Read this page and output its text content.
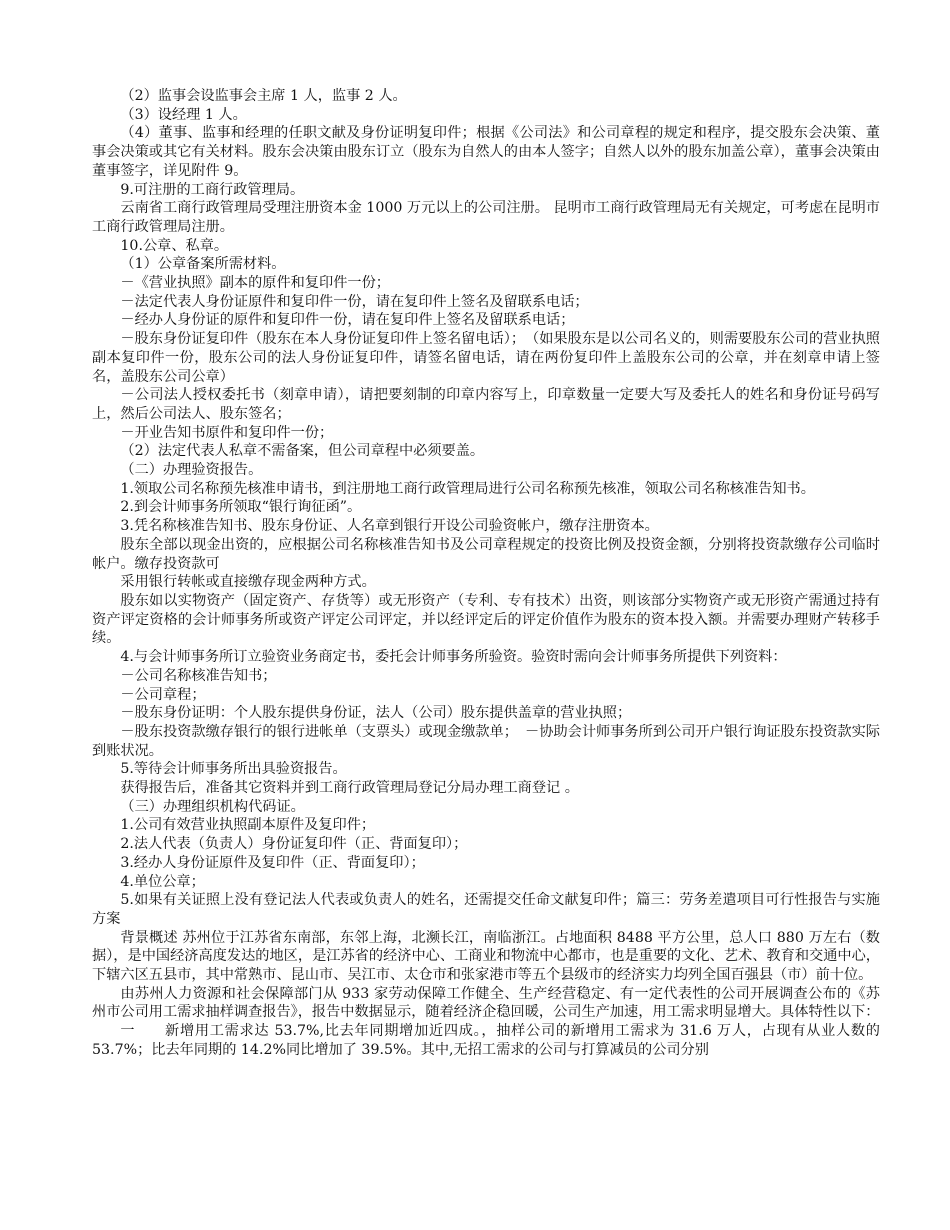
（2）监事会设监事会主席 1 人，监事 2 人。

（3）设经理 1 人。

（4）董事、监事和经理的任职文献及身份证明复印件；根据《公司法》和公司章程的规定和程序，提交股东会决策、董事会决策或其它有关材料。股东会决策由股东订立（股东为自然人的由本人签字；自然人以外的股东加盖公章），董事会决策由董事签字，详见附件 9。

9.可注册的工商行政管理局。

云南省工商行政管理局受理注册资本金 1000 万元以上的公司注册。 昆明市工商行政管理局无有关规定，可考虑在昆明市工商行政管理局注册。

10.公章、私章。

（1）公章备案所需材料。

－《营业执照》副本的原件和复印件一份；

－法定代表人身份证原件和复印件一份，请在复印件上签名及留联系电话；

－经办人身份证的原件和复印件一份，请在复印件上签名及留联系电话；

－股东身份证复印件（股东在本人身份证复印件上签名留电话）；　（如果股东是以公司名义的，则需要股东公司的营业执照副本复印件一份，股东公司的法人身份证复印件，请签名留电话，请在两份复印件上盖股东公司的公章，并在刻章申请上签名，盖股东公司公章）

－公司法人授权委托书（刻章申请），请把要刻制的印章内容写上，印章数量一定要大写及委托人的姓名和身份证号码写上，然后公司法人、股东签名；

－开业告知书原件和复印件一份；

（2）法定代表人私章不需备案，但公司章程中必须要盖。

（二）办理验资报告。

1.领取公司名称预先核准申请书，到注册地工商行政管理局进行公司名称预先核准，领取公司名称核准告知书。

2.到会计师事务所领取“银行询征函”。

3.凭名称核准告知书、股东身份证、人名章到银行开设公司验资帐户，缴存注册资本。

股东全部以现金出资的，应根据公司名称核准告知书及公司章程规定的投资比例及投资金额，分别将投资款缴存公司临时帐户。缴存投资款可

采用银行转帐或直接缴存现金两种方式。

股东如以实物资产（固定资产、存货等）或无形资产（专利、专有技术）出资，则该部分实物资产或无形资产需通过持有资产评定资格的会计师事务所或资产评定公司评定，并以经评定后的评定价值作为股东的资本投入额。并需要办理财产转移手续。

4.与会计师事务所订立验资业务商定书，委托会计师事务所验资。验资时需向会计师事务所提供下列资料：

－公司名称核准告知书；

－公司章程；

－股东身份证明：个人股东提供身份证，法人（公司）股东提供盖章的营业执照；

－股东投资款缴存银行的银行进帐单（支票头）或现金缴款单；　－协助会计师事务所到公司开户银行询证股东投资款实际到账状况。

5.等待会计师事务所出具验资报告。

获得报告后，准备其它资料并到工商行政管理局登记分局办理工商登记 。

（三）办理组织机构代码证。

1.公司有效营业执照副本原件及复印件；

2.法人代表（负责人）身份证复印件（正、背面复印）；

3.经办人身份证原件及复印件（正、背面复印）；

4.单位公章；

5.如果有关证照上没有登记法人代表或负责人的姓名，还需提交任命文献复印件；篇三：劳务差遣项目可行性报告与实施方案

背景概述 苏州位于江苏省东南部，东邻上海，北濒长江，南临浙江。占地面积 8488 平方公里，总人口 880 万左右（数据），是中国经济高度发达的地区，是江苏省的经济中心、工商业和物流中心都市，也是重要的文化、艺术、教育和交通中心，下辖六区五县市，其中常熟市、昆山市、吴江市、太仓市和张家港市等五个县级市的经济实力均列全国百强县（市）前十位。

由苏州人力资源和社会保障部门从 933 家劳动保障工作健全、生产经营稳定、有一定代表性的公司开展调查公布的《苏州市公司用工需求抽样调查报告》，报告中数据显示，随着经济企稳回暖，公司生产加速，用工需求明显增大。具体特性以下：

一　　新增用工需求达 53.7%,比去年同期增加近四成。，抽样公司的新增用工需求为 31.6 万人，占现有从业人数的 53.7%；比去年同期的 14.2%同比增加了 39.5%。其中,无招工需求的公司与打算减员的公司分别
